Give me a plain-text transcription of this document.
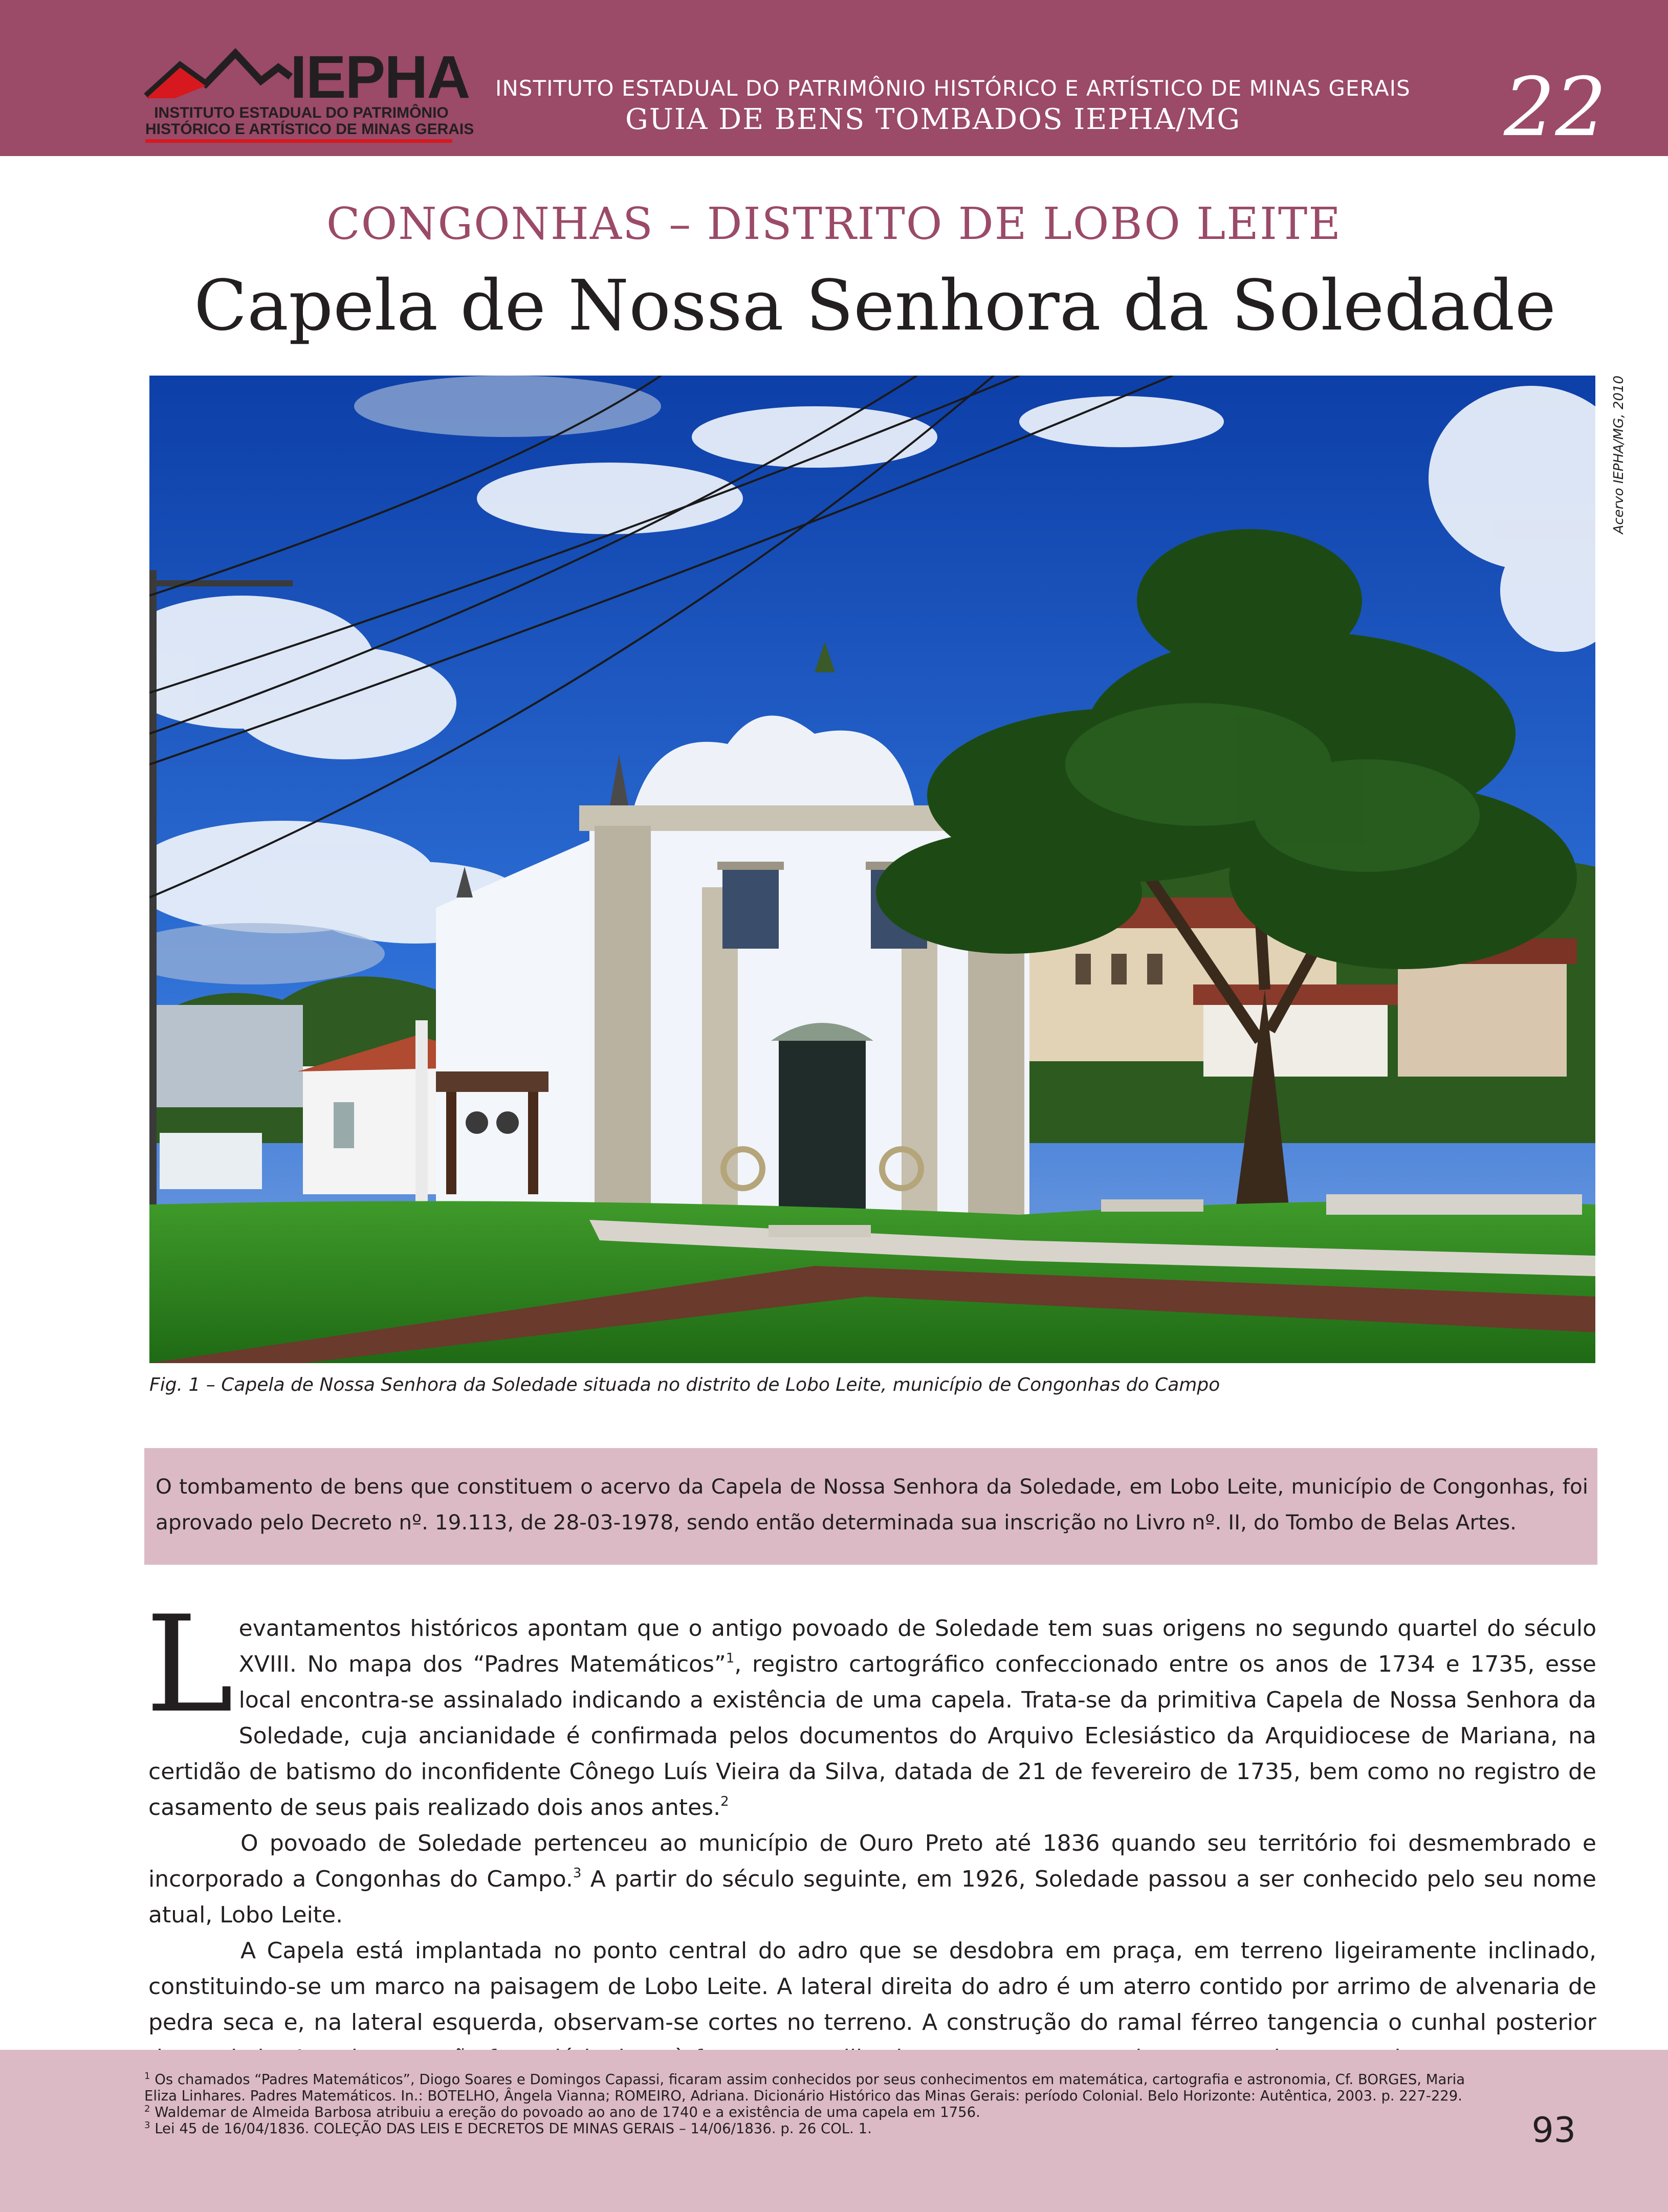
IEPHA
INSTITUTO ESTADUAL DO PATRIMÔNIO
HISTÓRICO E ARTÍSTICO DE MINAS GERAIS
INSTITUTO ESTADUAL DO PATRIMÔNIO HISTÓRICO E ARTÍSTICO DE MINAS GERAIS
GUIA DE BENS TOMBADOS IEPHA/MG	22
CONGONHAS – DISTRITO DE LOBO LEITE
Capela de Nossa Senhora da Soledade
Acervo IEPHA/MG, 2010
Fig. 1 – Capela de Nossa Senhora da Soledade situada no distrito de Lobo Leite, município de Congonhas do Campo

O tombamento de bens que constituem o acervo da Capela de Nossa Senhora da Soledade, em Lobo Leite, município de Congonhas, foi aprovado pelo Decreto nº. 19.113, de 28-03-1978, sendo então determinada sua inscrição no Livro nº. II, do Tombo de Belas Artes.

Levantamentos históricos apontam que o antigo povoado de Soledade tem suas origens no segundo quartel do século XVIII. No mapa dos “Padres Matemáticos”$^1$, registro cartográfico confeccionado entre os anos de 1734 e 1735, esse local encontra-se assinalado indicando a existência de uma capela. Trata-se da primitiva Capela de Nossa Senhora da Soledade, cuja ancianidade é confirmada pelos documentos do Arquivo Eclesiástico da Arquidiocese de Mariana, na certidão de batismo do inconfidente Cônego Luís Vieira da Silva, datada de 21 de fevereiro de 1735, bem como no registro de casamento de seus pais realizado dois anos antes.$^2$

O povoado de Soledade pertenceu ao município de Ouro Preto até 1836 quando seu território foi desmembrado e incorporado a Congonhas do Campo.$^3$ A partir do século seguinte, em 1926, Soledade passou a ser conhecido pelo seu nome atual, Lobo Leite.

A Capela está implantada no ponto central do adro que se desdobra em praça, em terreno ligeiramente inclinado, constituindo-se um marco na paisagem de Lobo Leite. A lateral direita do adro é um aterro contido por arrimo de alvenaria de pedra seca e, na lateral esquerda, observam-se cortes no terreno. A construção do ramal férreo tangencia o cunhal posterior

$^1$ Os chamados “Padres Matemáticos”, Diogo Soares e Domingos Capassi, ficaram assim conhecidos por seus conhecimentos em matemática, cartografia e astronomia, Cf. BORGES, Maria Eliza Linhares. Padres Matemáticos. In.: BOTELHO, Ângela Vianna; ROMEIRO, Adriana. Dicionário Histórico das Minas Gerais: período Colonial. Belo Horizonte: Autêntica, 2003. p. 227-229.
$^2$ Waldemar de Almeida Barbosa atribuiu a ereção do povoado ao ano de 1740 e a existência de uma capela em 1756.
$^3$ Lei 45 de 16/04/1836. COLEÇÃO DAS LEIS E DECRETOS DE MINAS GERAIS – 14/06/1836. p. 26 COL. 1.	93
